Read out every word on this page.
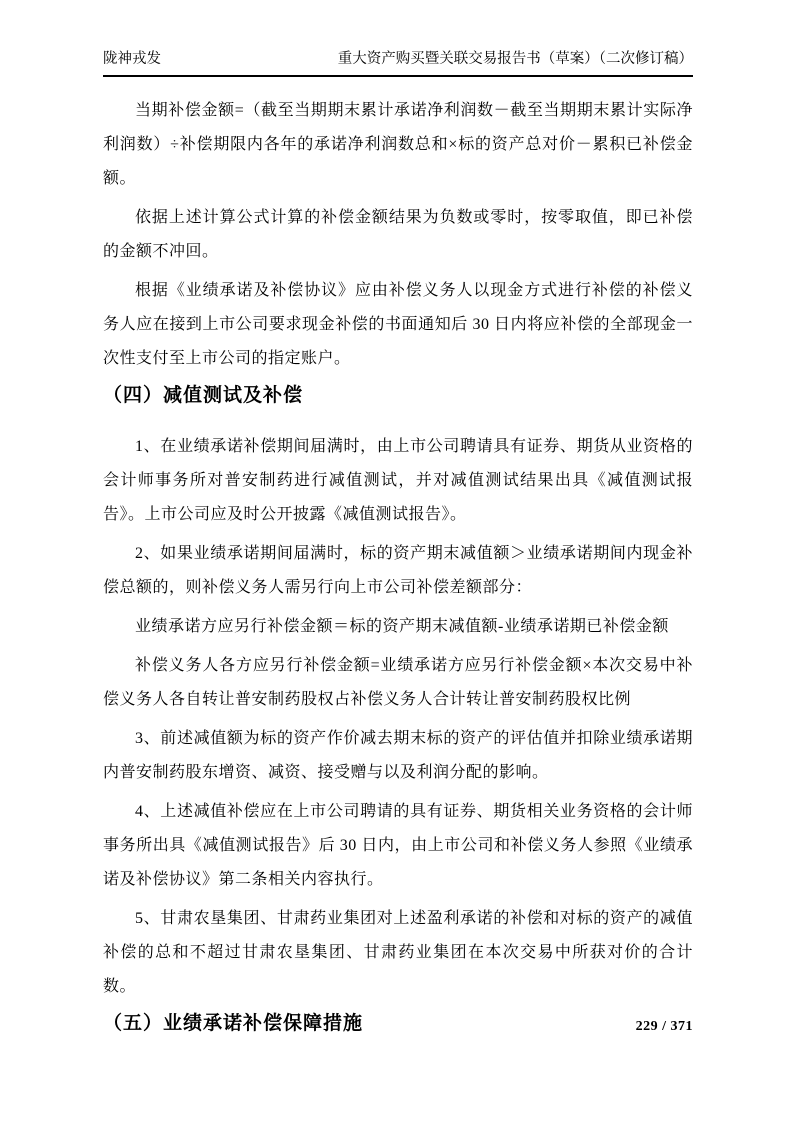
陇神戎发	重大资产购买暨关联交易报告书（草案）（二次修订稿）

当期补偿金额=（截至当期期末累计承诺净利润数－截至当期期末累计实际净利润数）÷补偿期限内各年的承诺净利润数总和×标的资产总对价－累积已补偿金额。

依据上述计算公式计算的补偿金额结果为负数或零时，按零取值，即已补偿的金额不冲回。

根据《业绩承诺及补偿协议》应由补偿义务人以现金方式进行补偿的补偿义务人应在接到上市公司要求现金补偿的书面通知后 30 日内将应补偿的全部现金一次性支付至上市公司的指定账户。

（四）减值测试及补偿

1、在业绩承诺补偿期间届满时，由上市公司聘请具有证券、期货从业资格的会计师事务所对普安制药进行减值测试，并对减值测试结果出具《减值测试报告》。上市公司应及时公开披露《减值测试报告》。

2、如果业绩承诺期间届满时，标的资产期末减值额＞业绩承诺期间内现金补偿总额的，则补偿义务人需另行向上市公司补偿差额部分：

业绩承诺方应另行补偿金额＝标的资产期末减值额-业绩承诺期已补偿金额

补偿义务人各方应另行补偿金额=业绩承诺方应另行补偿金额×本次交易中补偿义务人各自转让普安制药股权占补偿义务人合计转让普安制药股权比例

3、前述减值额为标的资产作价减去期末标的资产的评估值并扣除业绩承诺期内普安制药股东增资、减资、接受赠与以及利润分配的影响。

4、上述减值补偿应在上市公司聘请的具有证券、期货相关业务资格的会计师事务所出具《减值测试报告》后 30 日内，由上市公司和补偿义务人参照《业绩承诺及补偿协议》第二条相关内容执行。

5、甘肃农垦集团、甘肃药业集团对上述盈利承诺的补偿和对标的资产的减值补偿的总和不超过甘肃农垦集团、甘肃药业集团在本次交易中所获对价的合计数。

（五）业绩承诺补偿保障措施	229 / 371
